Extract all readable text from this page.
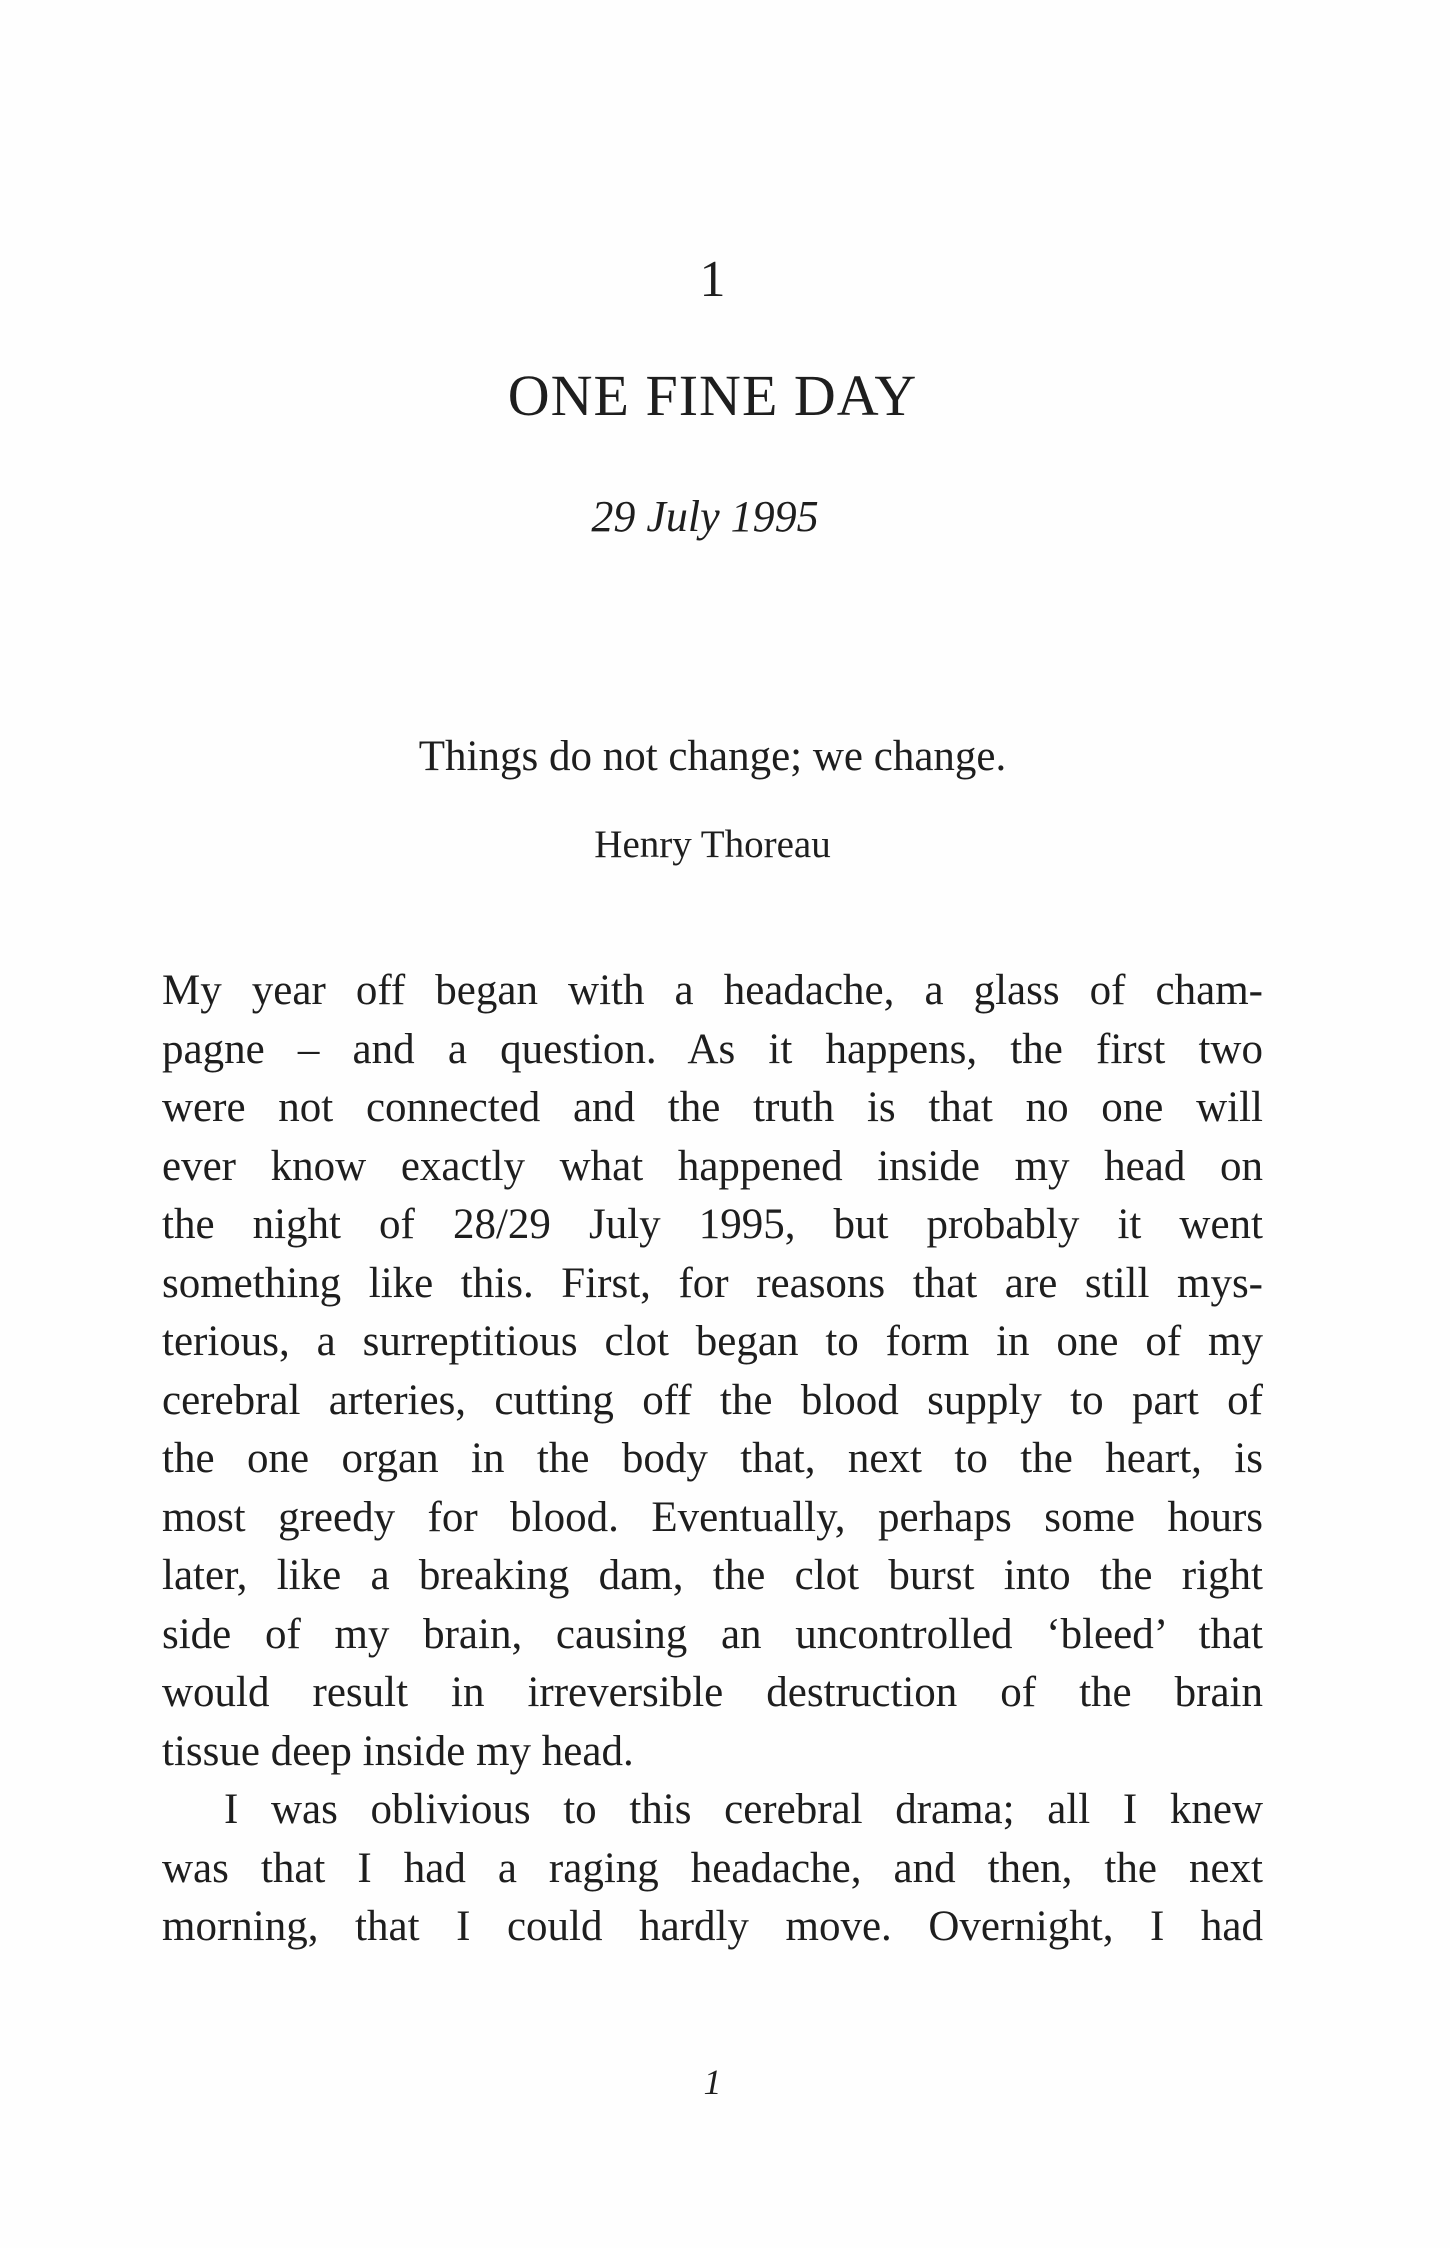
1
ONE FINE DAY
29 July 1995
Things do not change; we change.
Henry Thoreau
My year off began with a headache, a glass of cham-
pagne – and a question. As it happens, the first two
were not connected and the truth is that no one will
ever know exactly what happened inside my head on
the night of 28/29 July 1995, but probably it went
something like this. First, for reasons that are still mys-
terious, a surreptitious clot began to form in one of my
cerebral arteries, cutting off the blood supply to part of
the one organ in the body that, next to the heart, is
most greedy for blood. Eventually, perhaps some hours
later, like a breaking dam, the clot burst into the right
side of my brain, causing an uncontrolled ‘bleed’ that
would result in irreversible destruction of the brain
tissue deep inside my head.
I was oblivious to this cerebral drama; all I knew
was that I had a raging headache, and then, the next
morning, that I could hardly move. Overnight, I had
1
